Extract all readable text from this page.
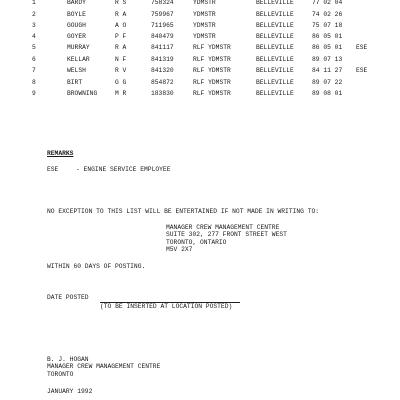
1	BARDY	R S	758324	YDMSTR	BELLEVILLE	77 02 04
2	BOYLE	R A	759967	YDMSTR	BELLEVILLE	74 02 26
3	GOUGH	A O	711965	YDMSTR	BELLEVILLE	75 07 18
4	GOYER	P F	840479	YDMSTR	BELLEVILLE	86 05 01
5	MURRAY	R A	841117	RLF YDMSTR	BELLEVILLE	86 05 01 ESE
6	KELLAR	N F	841319	RLF YDMSTR	BELLEVILLE	89 07 13
7	WELSH	R V	841320	RLF YDMSTR	BELLEVILLE	84 11 27 ESE
8	BIRT	G G	854872	RLF YDMSTR	BELLEVILLE	89 07 22
9	BROWNING	M R	183830	RLF YDMSTR	BELLEVILLE	89 08 01
REMARKS
ESE	- ENGINE SERVICE EMPLOYEE
NO EXCEPTION TO THIS LIST WILL BE ENTERTAINED IF NOT MADE IN WRITING TO:
MANAGER CREW MANAGEMENT CENTRE
SUITE 302, 277 FRONT STREET WEST
TORONTO, ONTARIO
M5V 2X7
WITHIN 60 DAYS OF POSTING.
DATE POSTED
(TO BE INSERTED AT LOCATION POSTED)
B. J. HOGAN
MANAGER CREW MANAGEMENT CENTRE
TORONTO
JANUARY 1992
